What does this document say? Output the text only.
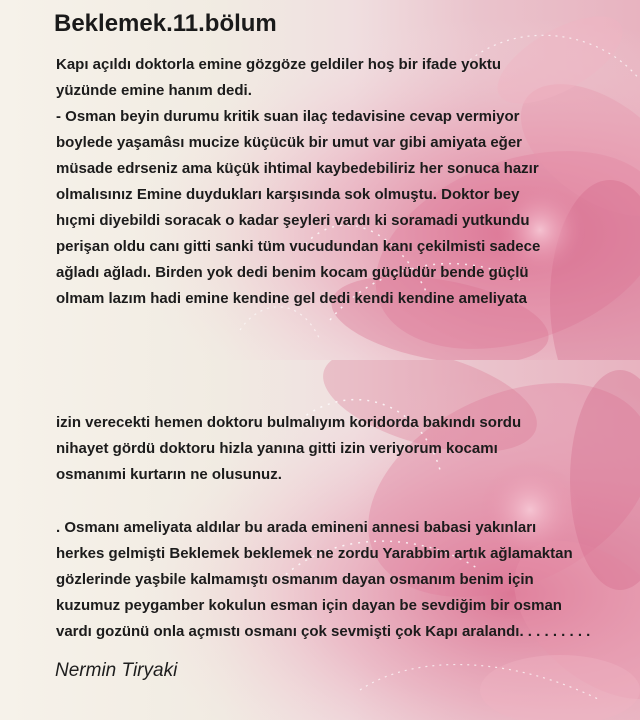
Beklemek.11.bölum

Kapı açıldı doktorla emine gözgöze geldiler hoş bir ifade yoktu
yüzünde emine hanım dedi.
- Osman beyin durumu kritik suan ilaç tedavisine cevap vermiyor
boylede yaşamâsı mucize küçücük bir umut var gibi amiyata eğer
müsade edrseniz ama küçük ihtimal kaybedebiliriz her sonuca hazır
olmalısınız Emine duydukları karşısında sok olmuştu. Doktor bey
hıçmi diyebildi soracak o kadar şeyleri vardı ki soramadi yutkundu
perişan oldu canı gitti sanki tüm vucudundan kanı çekilmisti sadece
ağladı ağladı. Birden yok dedi benim kocam güçlüdür bende güçlü
olmam lazım hadi emine kendine gel dedi kendi kendine ameliyata

izin verecekti hemen doktoru bulmalıyım koridorda bakındı sordu
nihayet gördü doktoru hizla yanına gitti izin veriyorum kocamı
osmanımi kurtarın ne olusunuz.

. Osmanı ameliyata aldılar bu arada emineni annesi babasi yakınları
herkes gelmişti Beklemek beklemek ne zordu Yarabbim artık ağlamaktan
gözlerinde yaşbile kalmamıştı osmanım dayan osmanım benim için
kuzumuz peygamber kokulun esman için dayan be sevdiğim bir osman
vardı gozünü onla açmıstı osmanı çok sevmişti çok Kapı aralandı. . . . . . . . .

Nermin Tiryaki
